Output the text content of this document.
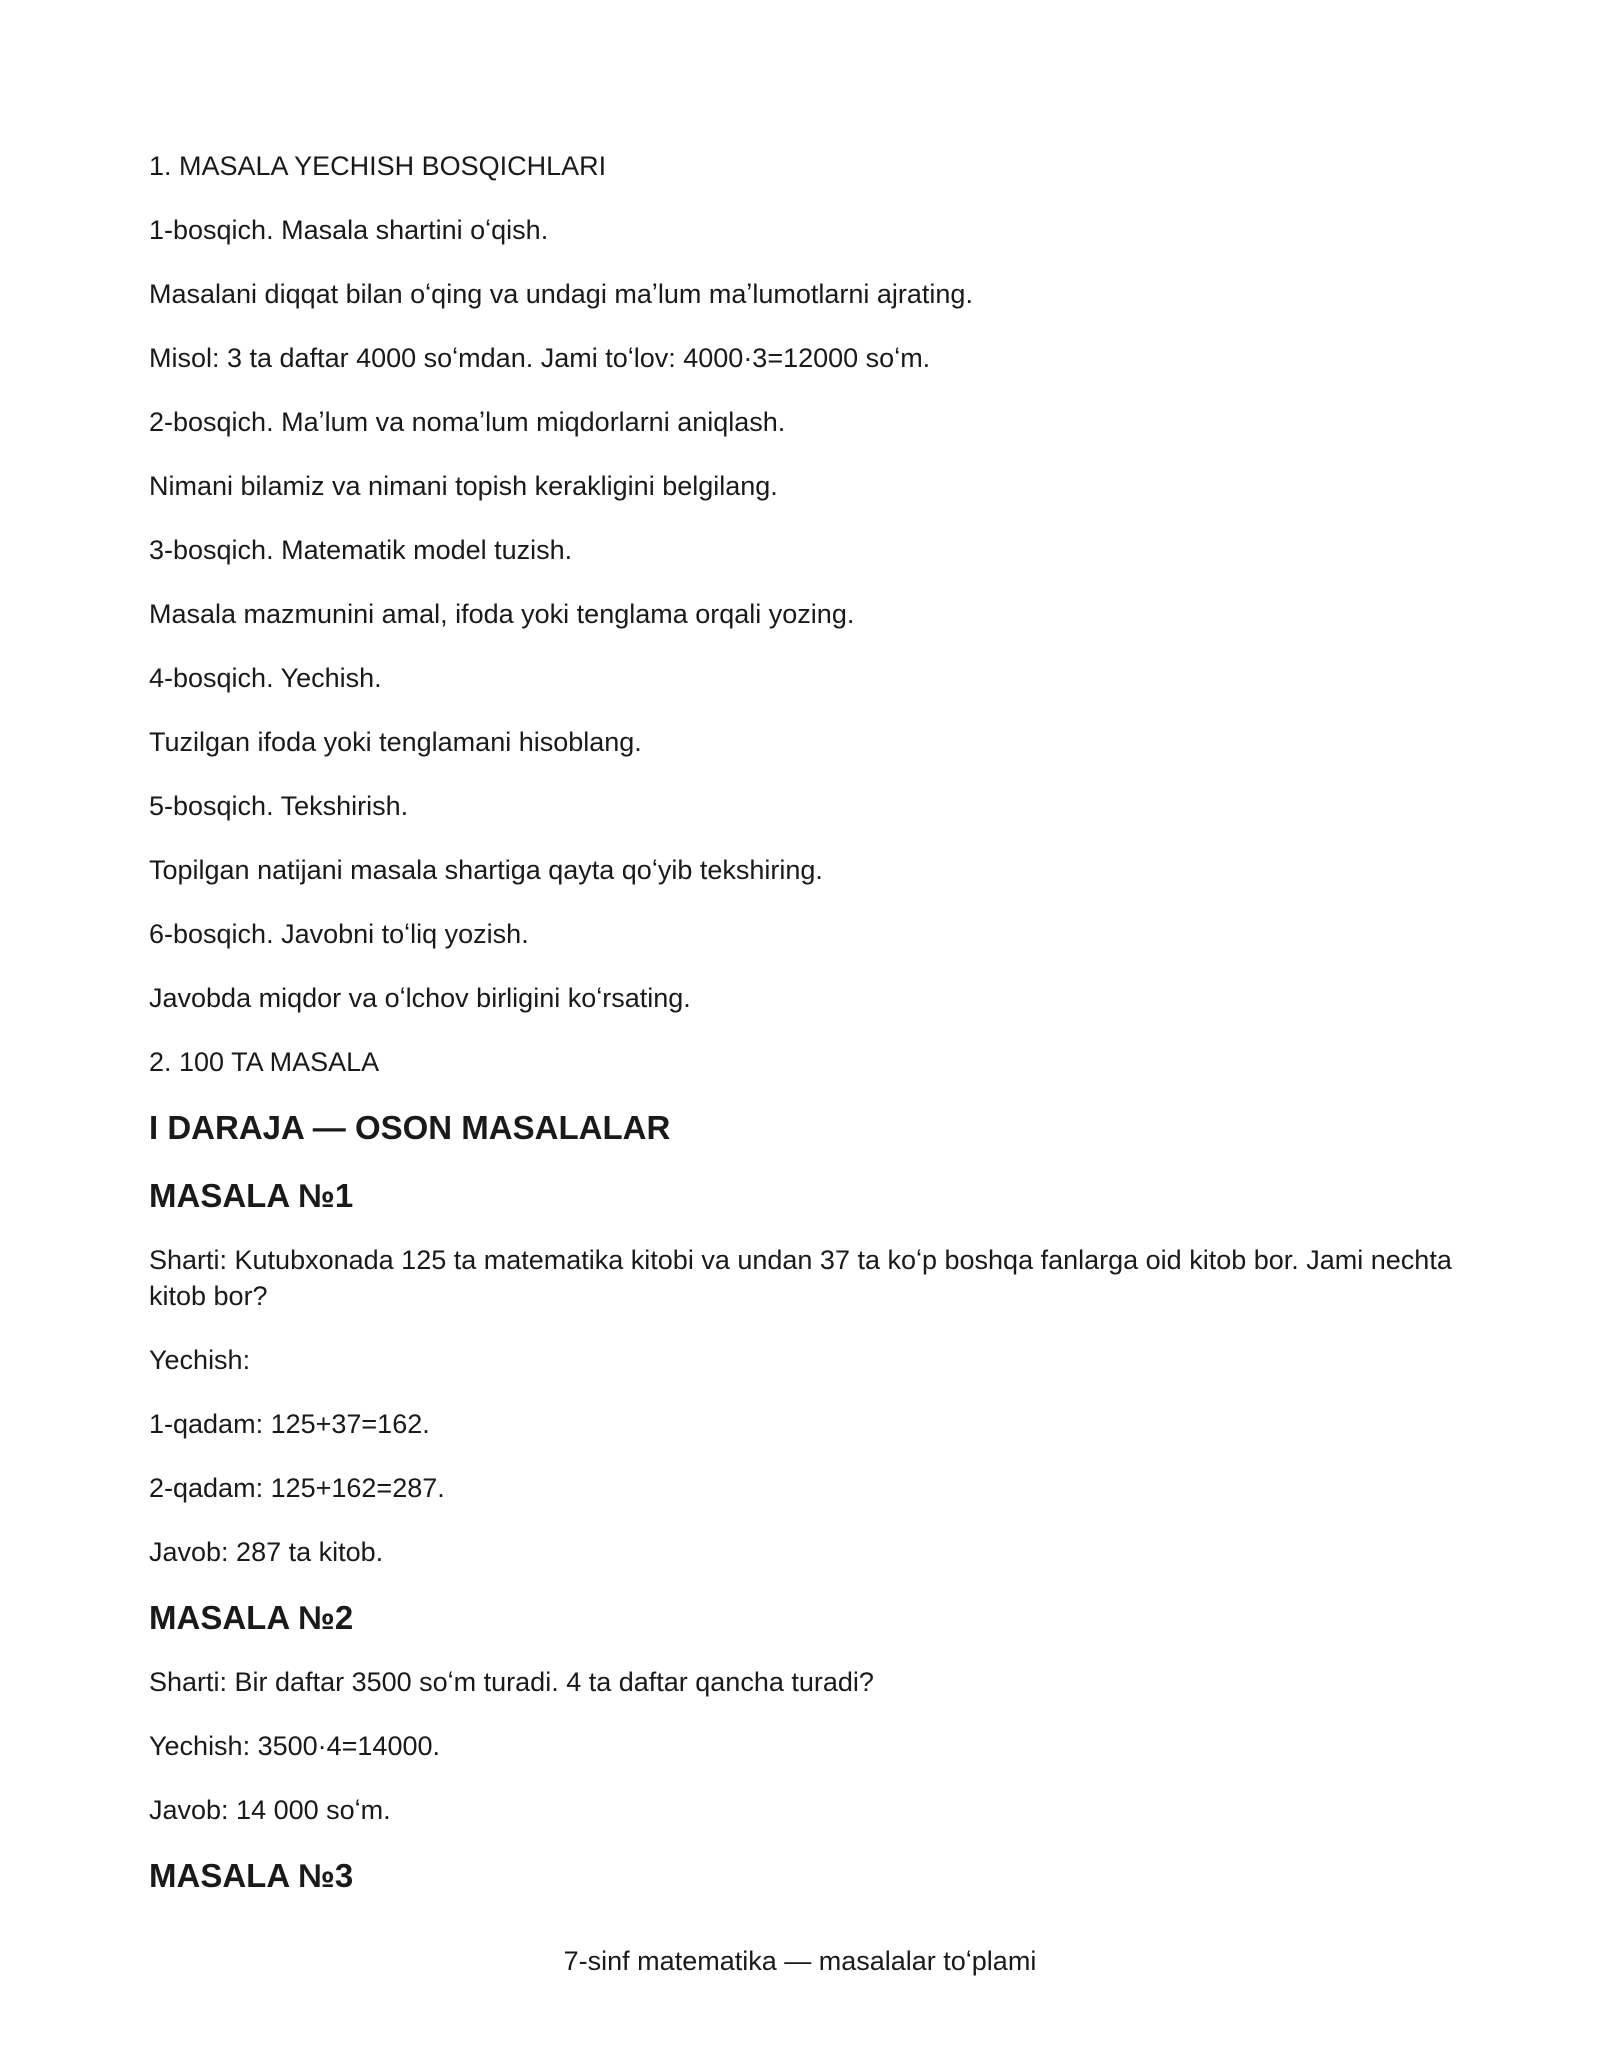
1. MASALA YECHISH BOSQICHLARI

1-bosqich. Masala shartini oʻqish.

Masalani diqqat bilan oʻqing va undagi maʼlum maʼlumotlarni ajrating.

Misol: 3 ta daftar 4000 soʻmdan. Jami toʻlov: 4000·3=12000 soʻm.

2-bosqich. Maʼlum va nomaʼlum miqdorlarni aniqlash.

Nimani bilamiz va nimani topish kerakligini belgilang.

3-bosqich. Matematik model tuzish.

Masala mazmunini amal, ifoda yoki tenglama orqali yozing.

4-bosqich. Yechish.

Tuzilgan ifoda yoki tenglamani hisoblang.

5-bosqich. Tekshirish.

Topilgan natijani masala shartiga qayta qoʻyib tekshiring.

6-bosqich. Javobni toʻliq yozish.

Javobda miqdor va oʻlchov birligini koʻrsating.

2. 100 TA MASALA

I DARAJA — OSON MASALALAR
MASALA №1

Sharti: Kutubxonada 125 ta matematika kitobi va undan 37 ta koʻp boshqa fanlarga oid kitob bor. Jami nechta kitob bor?

Yechish:

1-qadam: 125+37=162.

2-qadam: 125+162=287.

Javob: 287 ta kitob.

MASALA №2

Sharti: Bir daftar 3500 soʻm turadi. 4 ta daftar qancha turadi?

Yechish: 3500·4=14000.

Javob: 14 000 soʻm.

MASALA №3
7-sinf matematika — masalalar toʻplami
